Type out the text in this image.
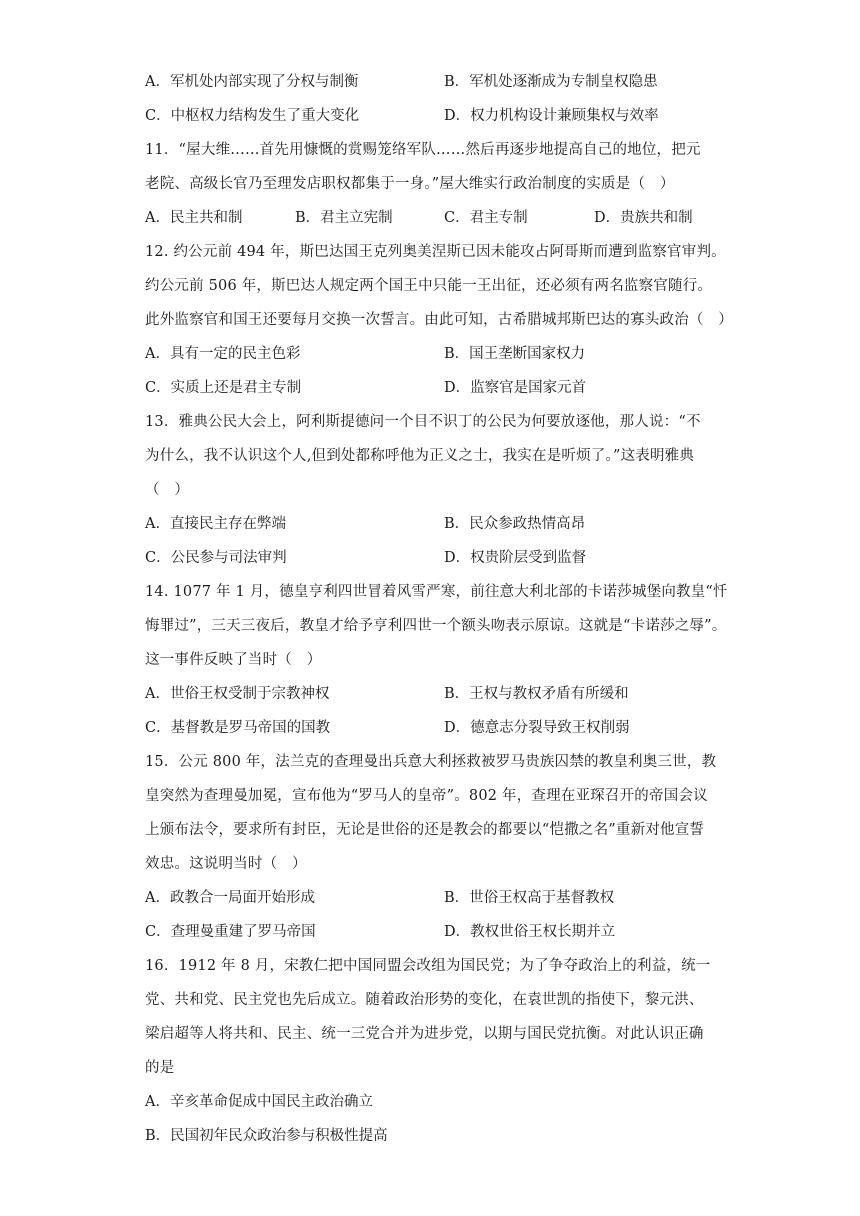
A．军机处内部实现了分权与制衡	B．军机处逐渐成为专制皇权隐患
C．中枢权力结构发生了重大变化	D．权力机构设计兼顾集权与效率
11．“屋大维……首先用慷慨的赏赐笼络军队……然后再逐步地提高自己的地位，把元
老院、高级长官乃至理发店职权都集于一身。”屋大维实行政治制度的实质是（　）
A．民主共和制	B．君主立宪制	C．君主专制	D．贵族共和制
12. 约公元前 494 年，斯巴达国王克列奥美涅斯已因未能攻占阿哥斯而遭到监察官审判。
约公元前 506 年，斯巴达人规定两个国王中只能一王出征，还必须有两名监察官随行。
此外监察官和国王还要每月交换一次誓言。由此可知，古希腊城邦斯巴达的寡头政治（　）
A．具有一定的民主色彩	B．国王垄断国家权力
C．实质上还是君主专制	D．监察官是国家元首
13．雅典公民大会上，阿利斯提德问一个目不识丁的公民为何要放逐他，那人说：“不
为什么，我不认识这个人,但到处都称呼他为正义之士，我实在是听烦了。”这表明雅典
（　）
A．直接民主存在弊端	B．民众参政热情高昂
C．公民参与司法审判	D．权贵阶层受到监督
14. 1077 年 1 月，德皇亨利四世冒着风雪严寒，前往意大利北部的卡诺莎城堡向教皇“忏
悔罪过”，三天三夜后，教皇才给予亨利四世一个额头吻表示原谅。这就是“卡诺莎之辱”。
这一事件反映了当时（　）
A．世俗王权受制于宗教神权	B．王权与教权矛盾有所缓和
C．基督教是罗马帝国的国教	D．德意志分裂导致王权削弱
15．公元 800 年，法兰克的查理曼出兵意大利拯救被罗马贵族囚禁的教皇利奥三世，教
皇突然为查理曼加冕，宣布他为“罗马人的皇帝”。802 年，查理在亚琛召开的帝国会议
上颁布法令，要求所有封臣，无论是世俗的还是教会的都要以“恺撒之名”重新对他宣誓
效忠。这说明当时（　）
A．政教合一局面开始形成	B．世俗王权高于基督教权
C．查理曼重建了罗马帝国	D．教权世俗王权长期并立
16．1912 年 8 月，宋教仁把中国同盟会改组为国民党；为了争夺政治上的利益，统一
党、共和党、民主党也先后成立。随着政治形势的变化，在袁世凯的指使下，黎元洪、
梁启超等人将共和、民主、统一三党合并为进步党，以期与国民党抗衡。对此认识正确
的是
A．辛亥革命促成中国民主政治确立
B．民国初年民众政治参与积极性提高
